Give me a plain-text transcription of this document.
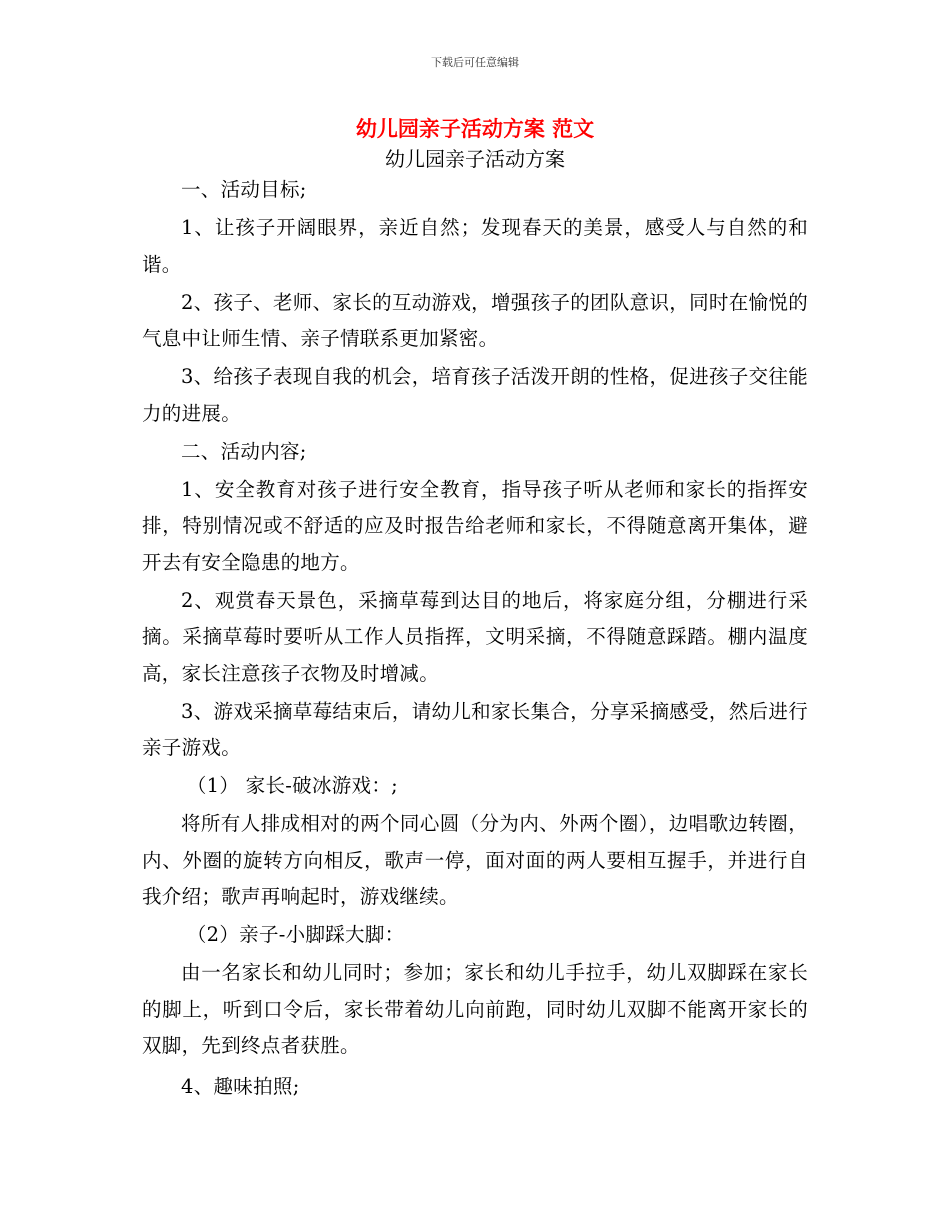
下载后可任意编辑
幼儿园亲子活动方案 范文
幼儿园亲子活动方案

一、活动目标;

1、让孩子开阔眼界，亲近自然；发现春天的美景，感受人与自然的和谐。

2、孩子、老师、家长的互动游戏，增强孩子的团队意识，同时在愉悦的气息中让师生情、亲子情联系更加紧密。

3、给孩子表现自我的机会，培育孩子活泼开朗的性格，促进孩子交往能力的进展。

二、活动内容;

1、安全教育对孩子进行安全教育，指导孩子听从老师和家长的指挥安排，特别情况或不舒适的应及时报告给老师和家长，不得随意离开集体，避开去有安全隐患的地方。

2、观赏春天景色，采摘草莓到达目的地后，将家庭分组，分棚进行采摘。采摘草莓时要听从工作人员指挥，文明采摘，不得随意踩踏。棚内温度高，家长注意孩子衣物及时增减。

3、游戏采摘草莓结束后，请幼儿和家长集合，分享采摘感受，然后进行亲子游戏。

（1） 家长-破冰游戏：;

将所有人排成相对的两个同心圆（分为内、外两个圈），边唱歌边转圈，内、外圈的旋转方向相反，歌声一停，面对面的两人要相互握手，并进行自我介绍；歌声再响起时，游戏继续。

（2）亲子-小脚踩大脚：

由一名家长和幼儿同时；参加；家长和幼儿手拉手，幼儿双脚踩在家长的脚上，听到口令后，家长带着幼儿向前跑，同时幼儿双脚不能离开家长的双脚，先到终点者获胜。

4、趣味拍照;
